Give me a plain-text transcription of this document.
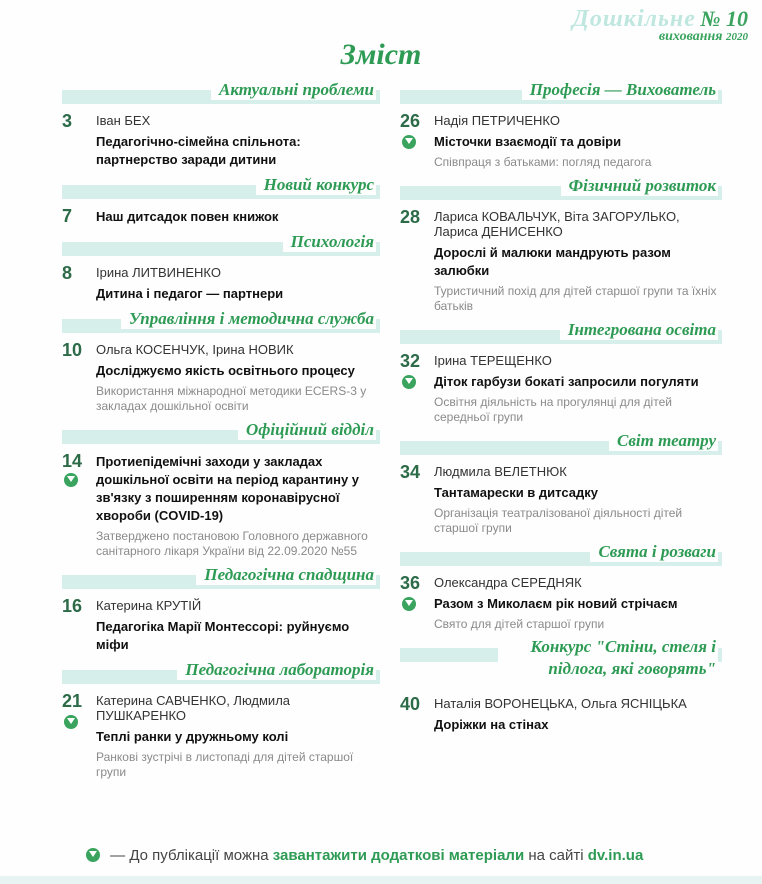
Дошкільне № 10
виховання 2020
Зміст
Актуальні проблеми
3 Іван БЕХ
Педагогічно-сімейна спільнота: партнерство заради дитини
Новий конкурс
7 Наш дитсадок повен книжок
Психологія
8 Ірина ЛИТВИНЕНКО
Дитина і педагог — партнери
Управління і методична служба
10 Ольга КОСЕНЧУК, Ірина НОВИК
Досліджуємо якість освітнього процесу
Використання міжнародної методики ECERS-3 у закладах дошкільної освіти
Офіційний відділ
14 Протиепідемічні заходи у закладах дошкільної освіти на період карантину у зв'язку з поширенням коронавірусної хвороби (COVID-19)
Затверджено постановою Головного державного санітарного лікаря України від 22.09.2020 №55
Педагогічна спадщина
16 Катерина КРУТІЙ
Педагогіка Марії Монтессорі: руйнуємо міфи
Педагогічна лабораторія
21 Катерина САВЧЕНКО, Людмила ПУШКАРЕНКО
Теплі ранки у дружньому колі
Ранкові зустрічі в листопаді для дітей старшої групи
Професія — Вихователь
26 Надія ПЕТРИЧЕНКО
Місточки взаємодії та довіри
Співпраця з батьками: погляд педагога
Фізичний розвиток
28 Лариса КОВАЛЬЧУК, Віта ЗАГОРУЛЬКО, Лариса ДЕНИСЕНКО
Дорослі й малюки мандрують разом залюбки
Туристичний похід для дітей старшої групи та їхніх батьків
Інтегрована освіта
32 Ірина ТЕРЕЩЕНКО
Діток гарбузи бокаті запросили погуляти
Освітня діяльність на прогулянці для дітей середньої групи
Світ театру
34 Людмила ВЕЛЕТНЮК
Тантамарески в дитсадку
Організація театралізованої діяльності дітей старшої групи
Свята і розваги
36 Олександра СЕРЕДНЯК
Разом з Миколаєм рік новий стрічаєм
Свято для дітей старшої групи
Конкурс "Стіни, стеля і підлога, які говорять"
40 Наталія ВОРОНЕЦЬКА, Ольга ЯСНІЦЬКА
Доріжки на стінах
— До публікації можна завантажити додаткові матеріали на сайті dv.in.ua
